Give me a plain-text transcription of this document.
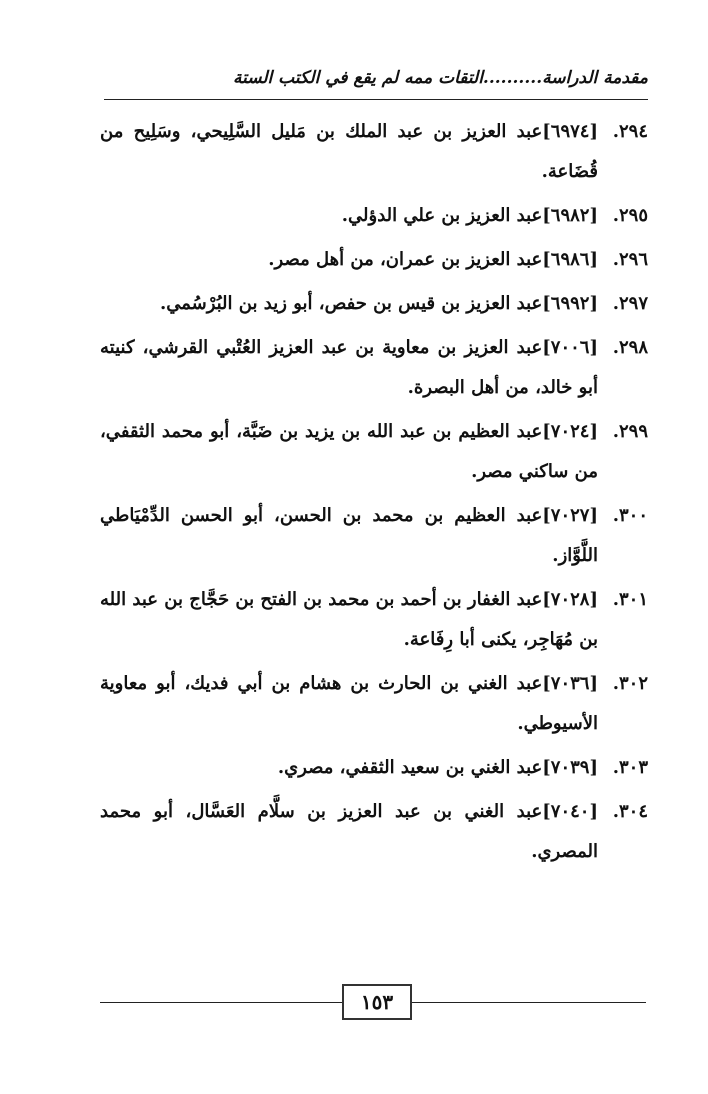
مقدمة الدراسة..........التقات ممه لم يقع في الكتب الستة
٢٩٤.
[٦٩٧٤]عبد العزيز بن عبد الملك بن مَليل السَّلِيحي، وسَلِيح من قُضَاعة.
٢٩٥.
[٦٩٨٢]عبد العزيز بن علي الدؤلي.
٢٩٦.
[٦٩٨٦]عبد العزيز بن عمران، من أهل مصر.
٢٩٧.
[٦٩٩٢]عبد العزيز بن قيس بن حفص، أبو زيد بن البُرْسُمي.
٢٩٨.
[٧٠٠٦]عبد العزيز بن معاوية بن عبد العزيز العُتْبي القرشي، كنيته أبو خالد، من أهل البصرة.
٢٩٩.
[٧٠٢٤]عبد العظيم بن عبد الله بن يزيد بن ضَبَّة، أبو محمد الثقفي، من ساكني مصر.
٣٠٠.
[٧٠٢٧]عبد العظيم بن محمد بن الحسن، أبو الحسن الدِّمْيَاطي اللَّوَّاز.
٣٠١.
[٧٠٢٨]عبد الغفار بن أحمد بن محمد بن الفتح بن حَجَّاج بن عبد الله بن مُهَاجِر، يكنى أبا رِفَاعة.
٣٠٢.
[٧٠٣٦]عبد الغني بن الحارث بن هشام بن أبي فديك، أبو معاوية الأسيوطي.
٣٠٣.
[٧٠٣٩]عبد الغني بن سعيد الثقفي، مصري.
٣٠٤.
[٧٠٤٠]عبد الغني بن عبد العزيز بن سلَّام العَسَّال، أبو محمد المصري.
١٥٣
